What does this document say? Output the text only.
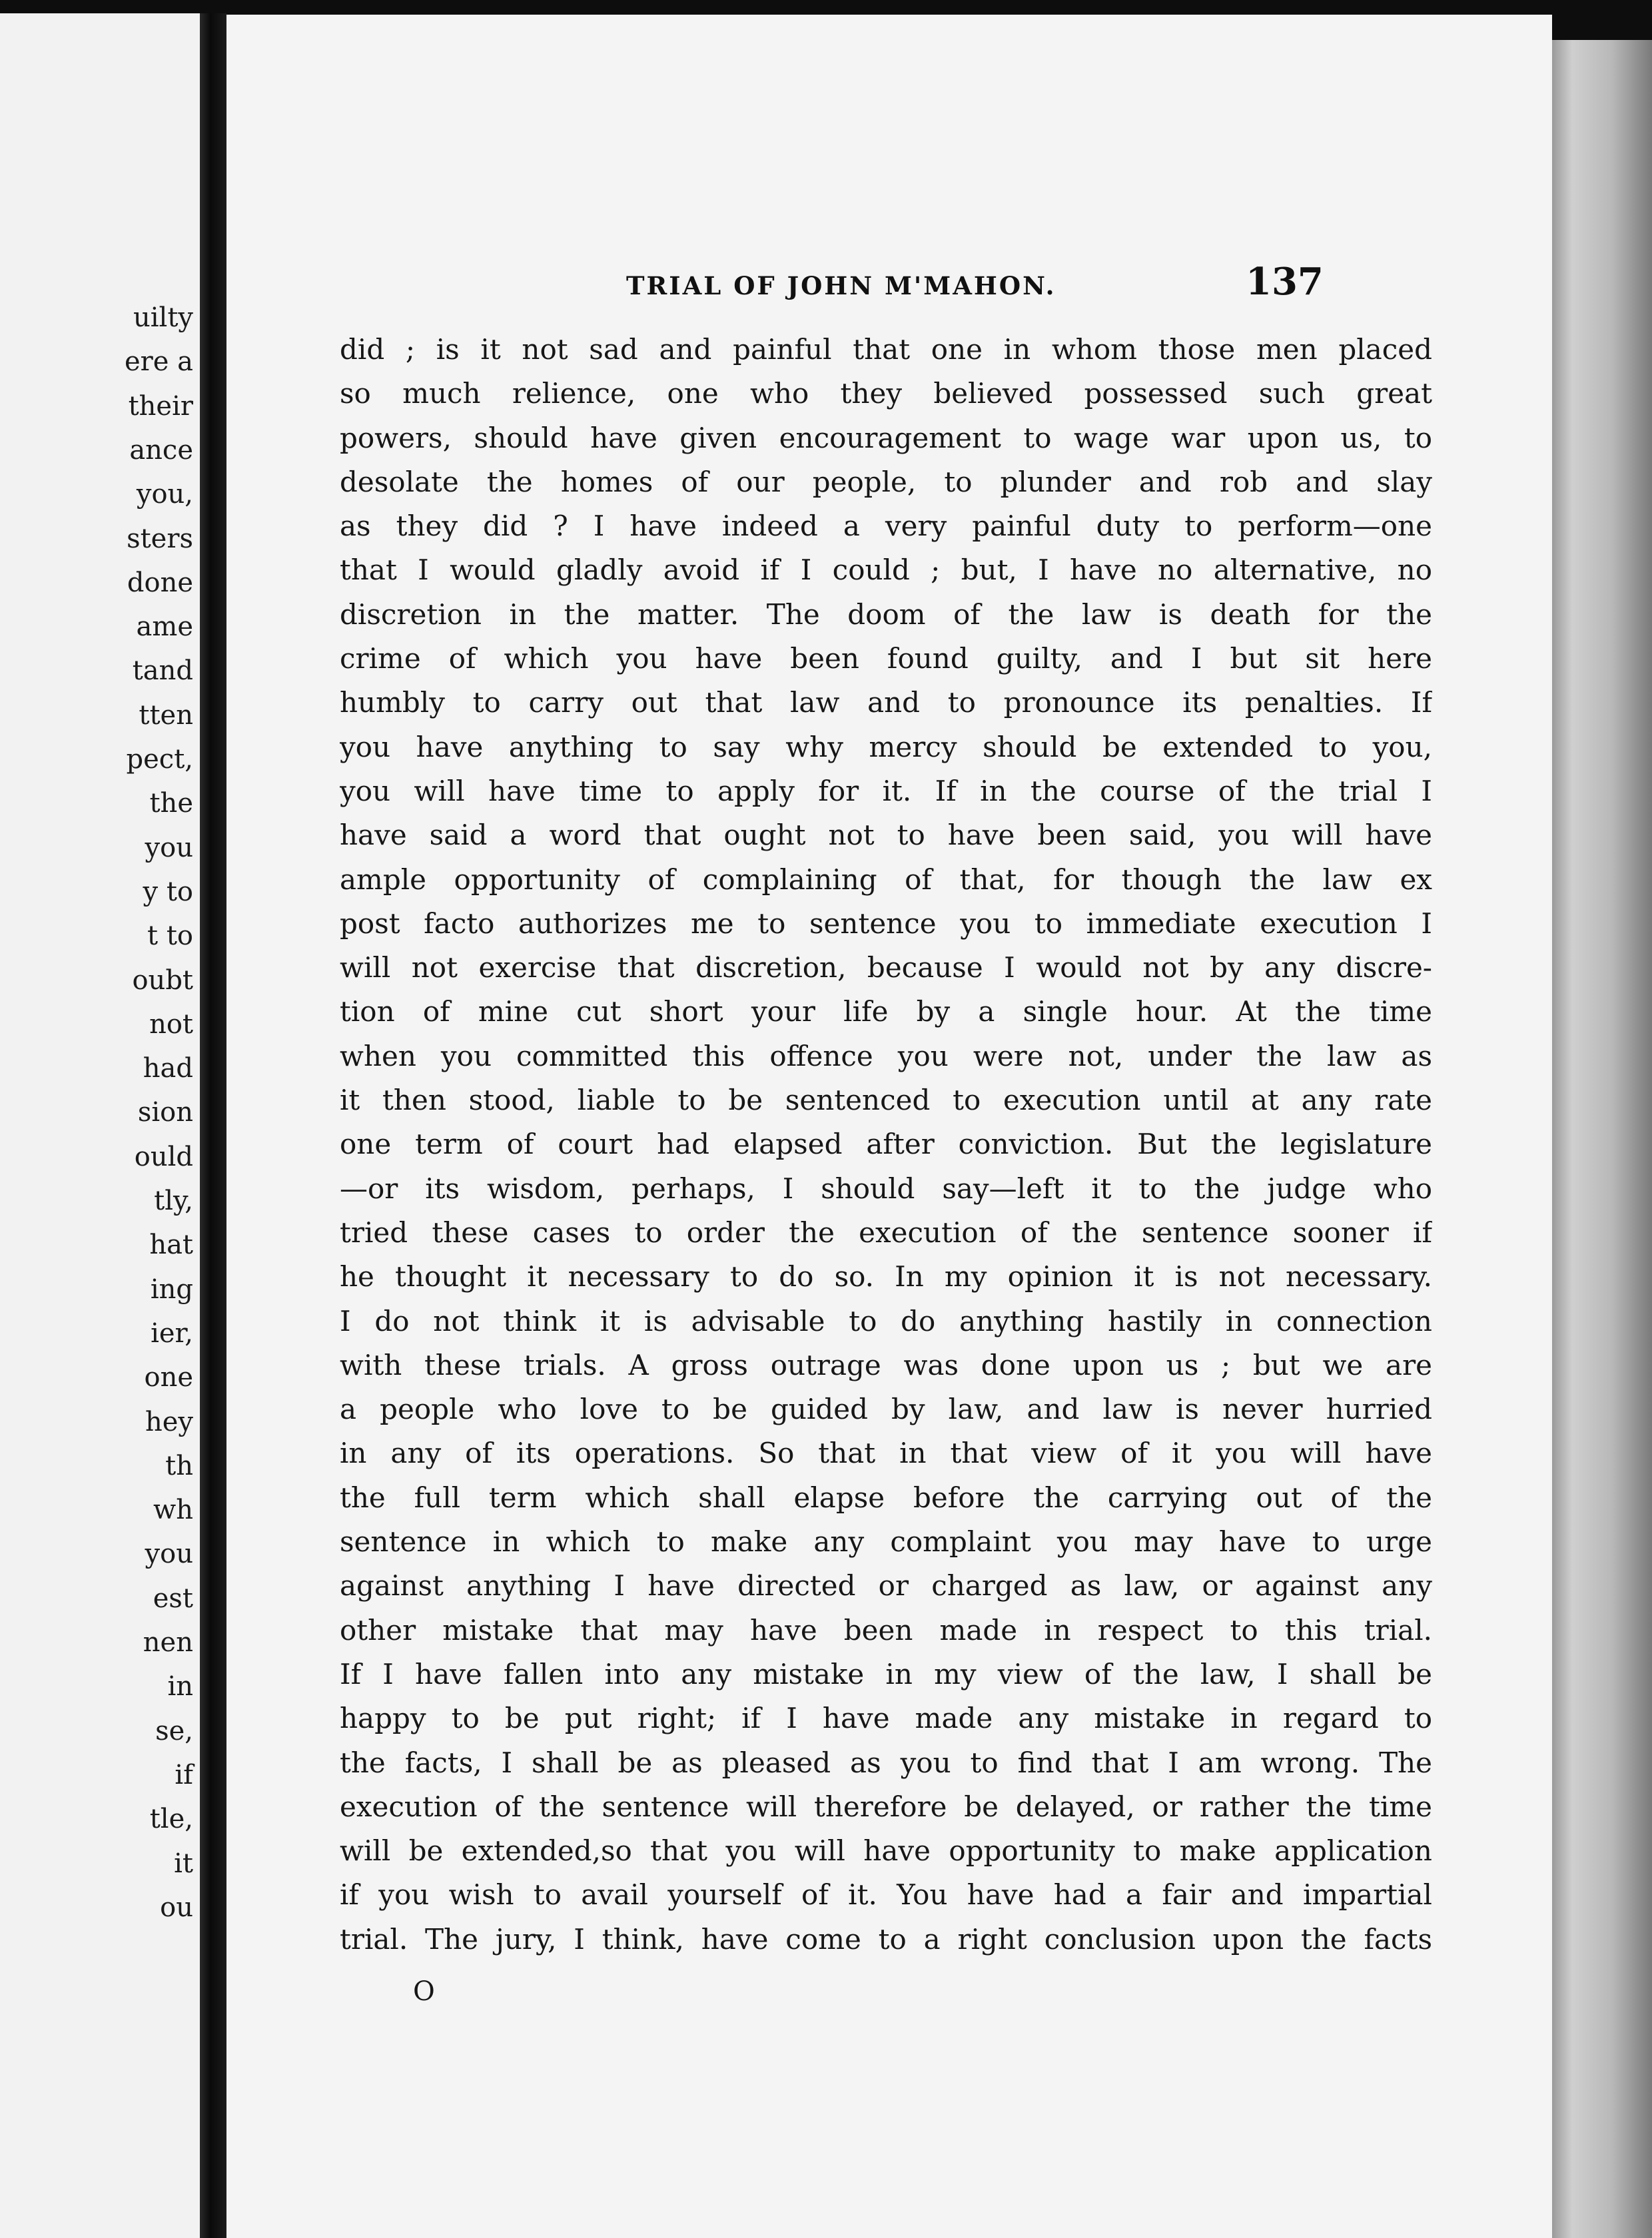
uilty
ere a
their
ance
you,
sters
done
ame
tand
tten
pect,
the
you
y to
t to
oubt
not
had
sion
ould
tly,
hat
ing
ier,
one
hey
th
wh
you
est
nen
in
se,
if
tle,
it
ou
TRIAL OF JOHN M'MAHON.	137
did ; is it not sad and painful that one in whom those men placed
so much relience, one who they believed possessed such great
powers, should have given encouragement to wage war upon us, to
desolate the homes of our people, to plunder and rob and slay
as they did ? I have indeed a very painful duty to perform—one
that I would gladly avoid if I could ; but, I have no alternative, no
discretion in the matter. The doom of the law is death for the
crime of which you have been found guilty, and I but sit here
humbly to carry out that law and to pronounce its penalties. If
you have anything to say why mercy should be extended to you,
you will have time to apply for it. If in the course of the trial I
have said a word that ought not to have been said, you will have
ample opportunity of complaining of that, for though the law ex
post facto authorizes me to sentence you to immediate execution I
will not exercise that discretion, because I would not by any discre-
tion of mine cut short your life by a single hour. At the time
when you committed this offence you were not, under the law as
it then stood, liable to be sentenced to execution until at any rate
one term of court had elapsed after conviction. But the legislature
—or its wisdom, perhaps, I should say—left it to the judge who
tried these cases to order the execution of the sentence sooner if
he thought it necessary to do so. In my opinion it is not necessary.
I do not think it is advisable to do anything hastily in connection
with these trials. A gross outrage was done upon us ; but we are
a people who love to be guided by law, and law is never hurried
in any of its operations. So that in that view of it you will have
the full term which shall elapse before the carrying out of the
sentence in which to make any complaint you may have to urge
against anything I have directed or charged as law, or against any
other mistake that may have been made in respect to this trial.
If I have fallen into any mistake in my view of the law, I shall be
happy to be put right; if I have made any mistake in regard to
the facts, I shall be as pleased as you to find that I am wrong. The
execution of the sentence will therefore be delayed, or rather the time
will be extended,so that you will have opportunity to make application
if you wish to avail yourself of it. You have had a fair and impartial
trial. The jury, I think, have come to a right conclusion upon the facts
O
